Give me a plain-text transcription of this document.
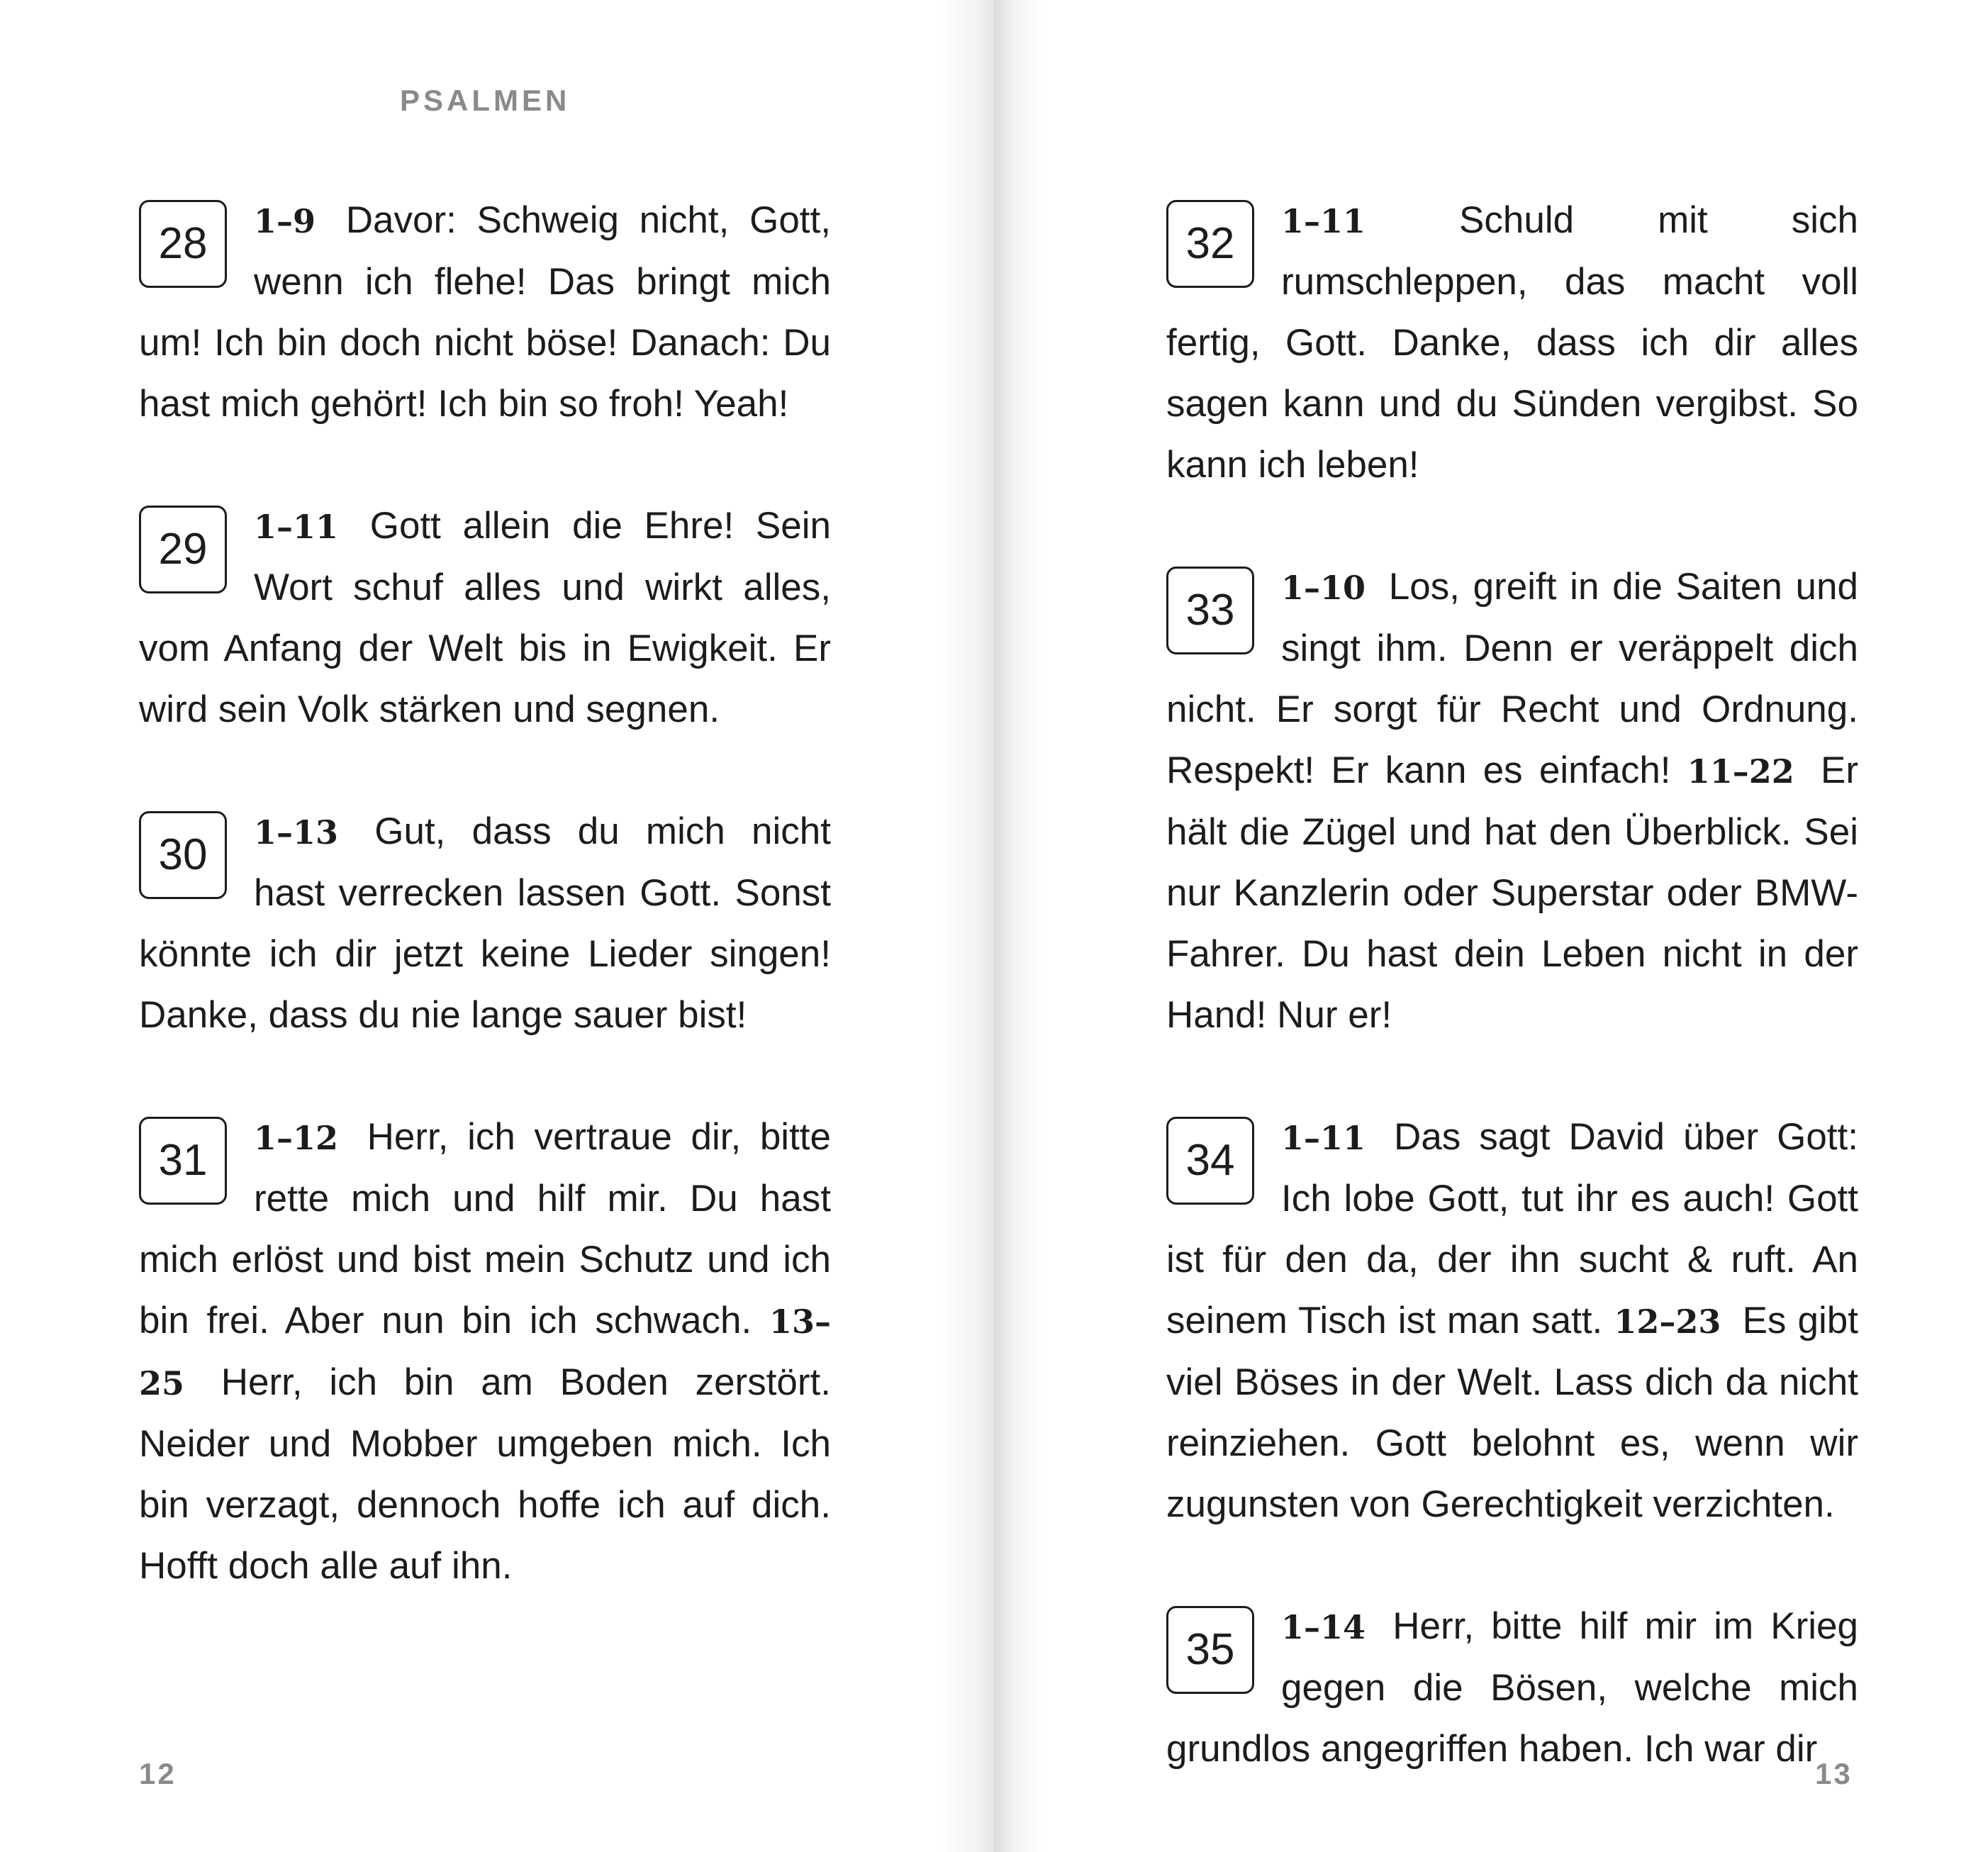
PSALMEN
28	1–9 Davor: Schweig nicht, Gott, wenn ich flehe! Das bringt mich um! Ich bin doch nicht böse! Danach: Du hast mich gehört! Ich bin so froh! Yeah!

29	1–11 Gott allein die Ehre! Sein Wort schuf alles und wirkt alles, vom Anfang der Welt bis in Ewigkeit. Er wird sein Volk stärken und segnen.

30	1–13 Gut, dass du mich nicht hast verrecken lassen Gott. Sonst könnte ich dir jetzt keine Lieder singen! Danke, dass du nie lange sauer bist!

31	1–12 Herr, ich vertraue dir, bitte rette mich und hilf mir. Du hast mich erlöst und bist mein Schutz und ich bin frei. Aber nun bin ich schwach. 13–25 Herr, ich bin am Boden zerstört. Neider und Mobber umgeben mich. Ich bin verzagt, dennoch hoffe ich auf dich. Hofft doch alle auf ihn.

12
32	1–11 Schuld mit sich rumschleppen, das macht voll fertig, Gott. Danke, dass ich dir alles sagen kann und du Sünden vergibst. So kann ich leben!

33	1–10 Los, greift in die Saiten und singt ihm. Denn er veräppelt dich nicht. Er sorgt für Recht und Ordnung. Respekt! Er kann es einfach! 11–22 Er hält die Zügel und hat den Überblick. Sei nur Kanzlerin oder Superstar oder BMW-Fahrer. Du hast dein Leben nicht in der Hand! Nur er!

34	1–11 Das sagt David über Gott: Ich lobe Gott, tut ihr es auch! Gott ist für den da, der ihn sucht & ruft. An seinem Tisch ist man satt. 12–23 Es gibt viel Böses in der Welt. Lass dich da nicht reinziehen. Gott belohnt es, wenn wir zugunsten von Gerechtigkeit verzichten.

35	1–14 Herr, bitte hilf mir im Krieg gegen die Bösen, welche mich grundlos angegriffen haben. Ich war dir

13
